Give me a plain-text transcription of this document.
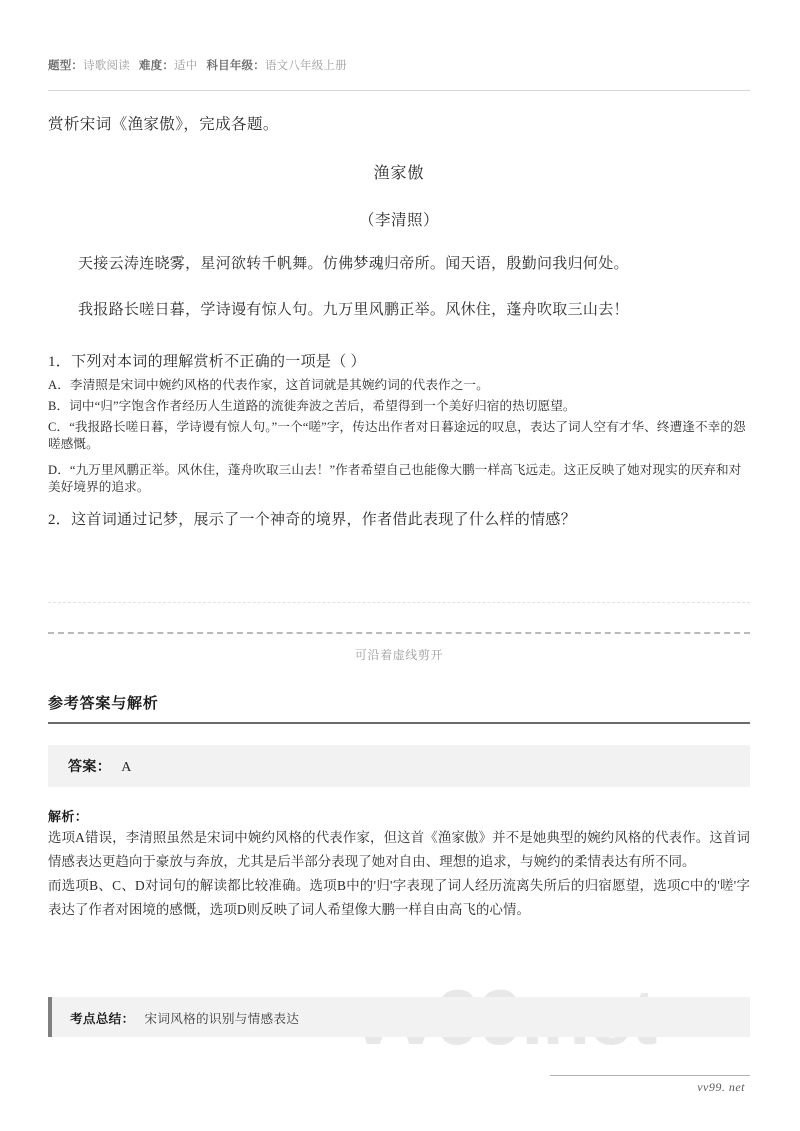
题型：诗歌阅读 难度：适中 科目年级：语文八年级上册
赏析宋词《渔家傲》，完成各题。
渔家傲
（李清照）
天接云涛连晓雾，星河欲转千帆舞。仿佛梦魂归帝所。闻天语，殷勤问我归何处。
我报路长嗟日暮，学诗谩有惊人句。九万里风鹏正举。风休住，蓬舟吹取三山去！
1．下列对本词的理解赏析不正确的一项是（ ）
A．李清照是宋词中婉约风格的代表作家，这首词就是其婉约词的代表作之一。
B．词中“归”字饱含作者经历人生道路的流徙奔波之苦后，希望得到一个美好归宿的热切愿望。
C．“我报路长嗟日暮，学诗谩有惊人句。”一个“嗟”字，传达出作者对日暮途远的叹息，表达了词人空有才华、终遭逢不幸的怨嗟感慨。
D．“九万里风鹏正举。风休住，蓬舟吹取三山去！”作者希望自己也能像大鹏一样高飞远走。这正反映了她对现实的厌弃和对美好境界的追求。
2．这首词通过记梦，展示了一个神奇的境界，作者借此表现了什么样的情感？
可沿着虚线剪开
参考答案与解析
答案： A
解析：

选项A错误，李清照虽然是宋词中婉约风格的代表作家，但这首《渔家傲》并不是她典型的婉约风格的代表作。这首词情感表达更趋向于豪放与奔放，尤其是后半部分表现了她对自由、理想的追求，与婉约的柔情表达有所不同。

而选项B、C、D对词句的解读都比较准确。选项B中的'归'字表现了词人经历流离失所后的归宿愿望，选项C中的'嗟'字表达了作者对困境的感慨，选项D则反映了词人希望像大鹏一样自由高飞的心情。

考点总结： 宋词风格的识别与情感表达
vv99. net
